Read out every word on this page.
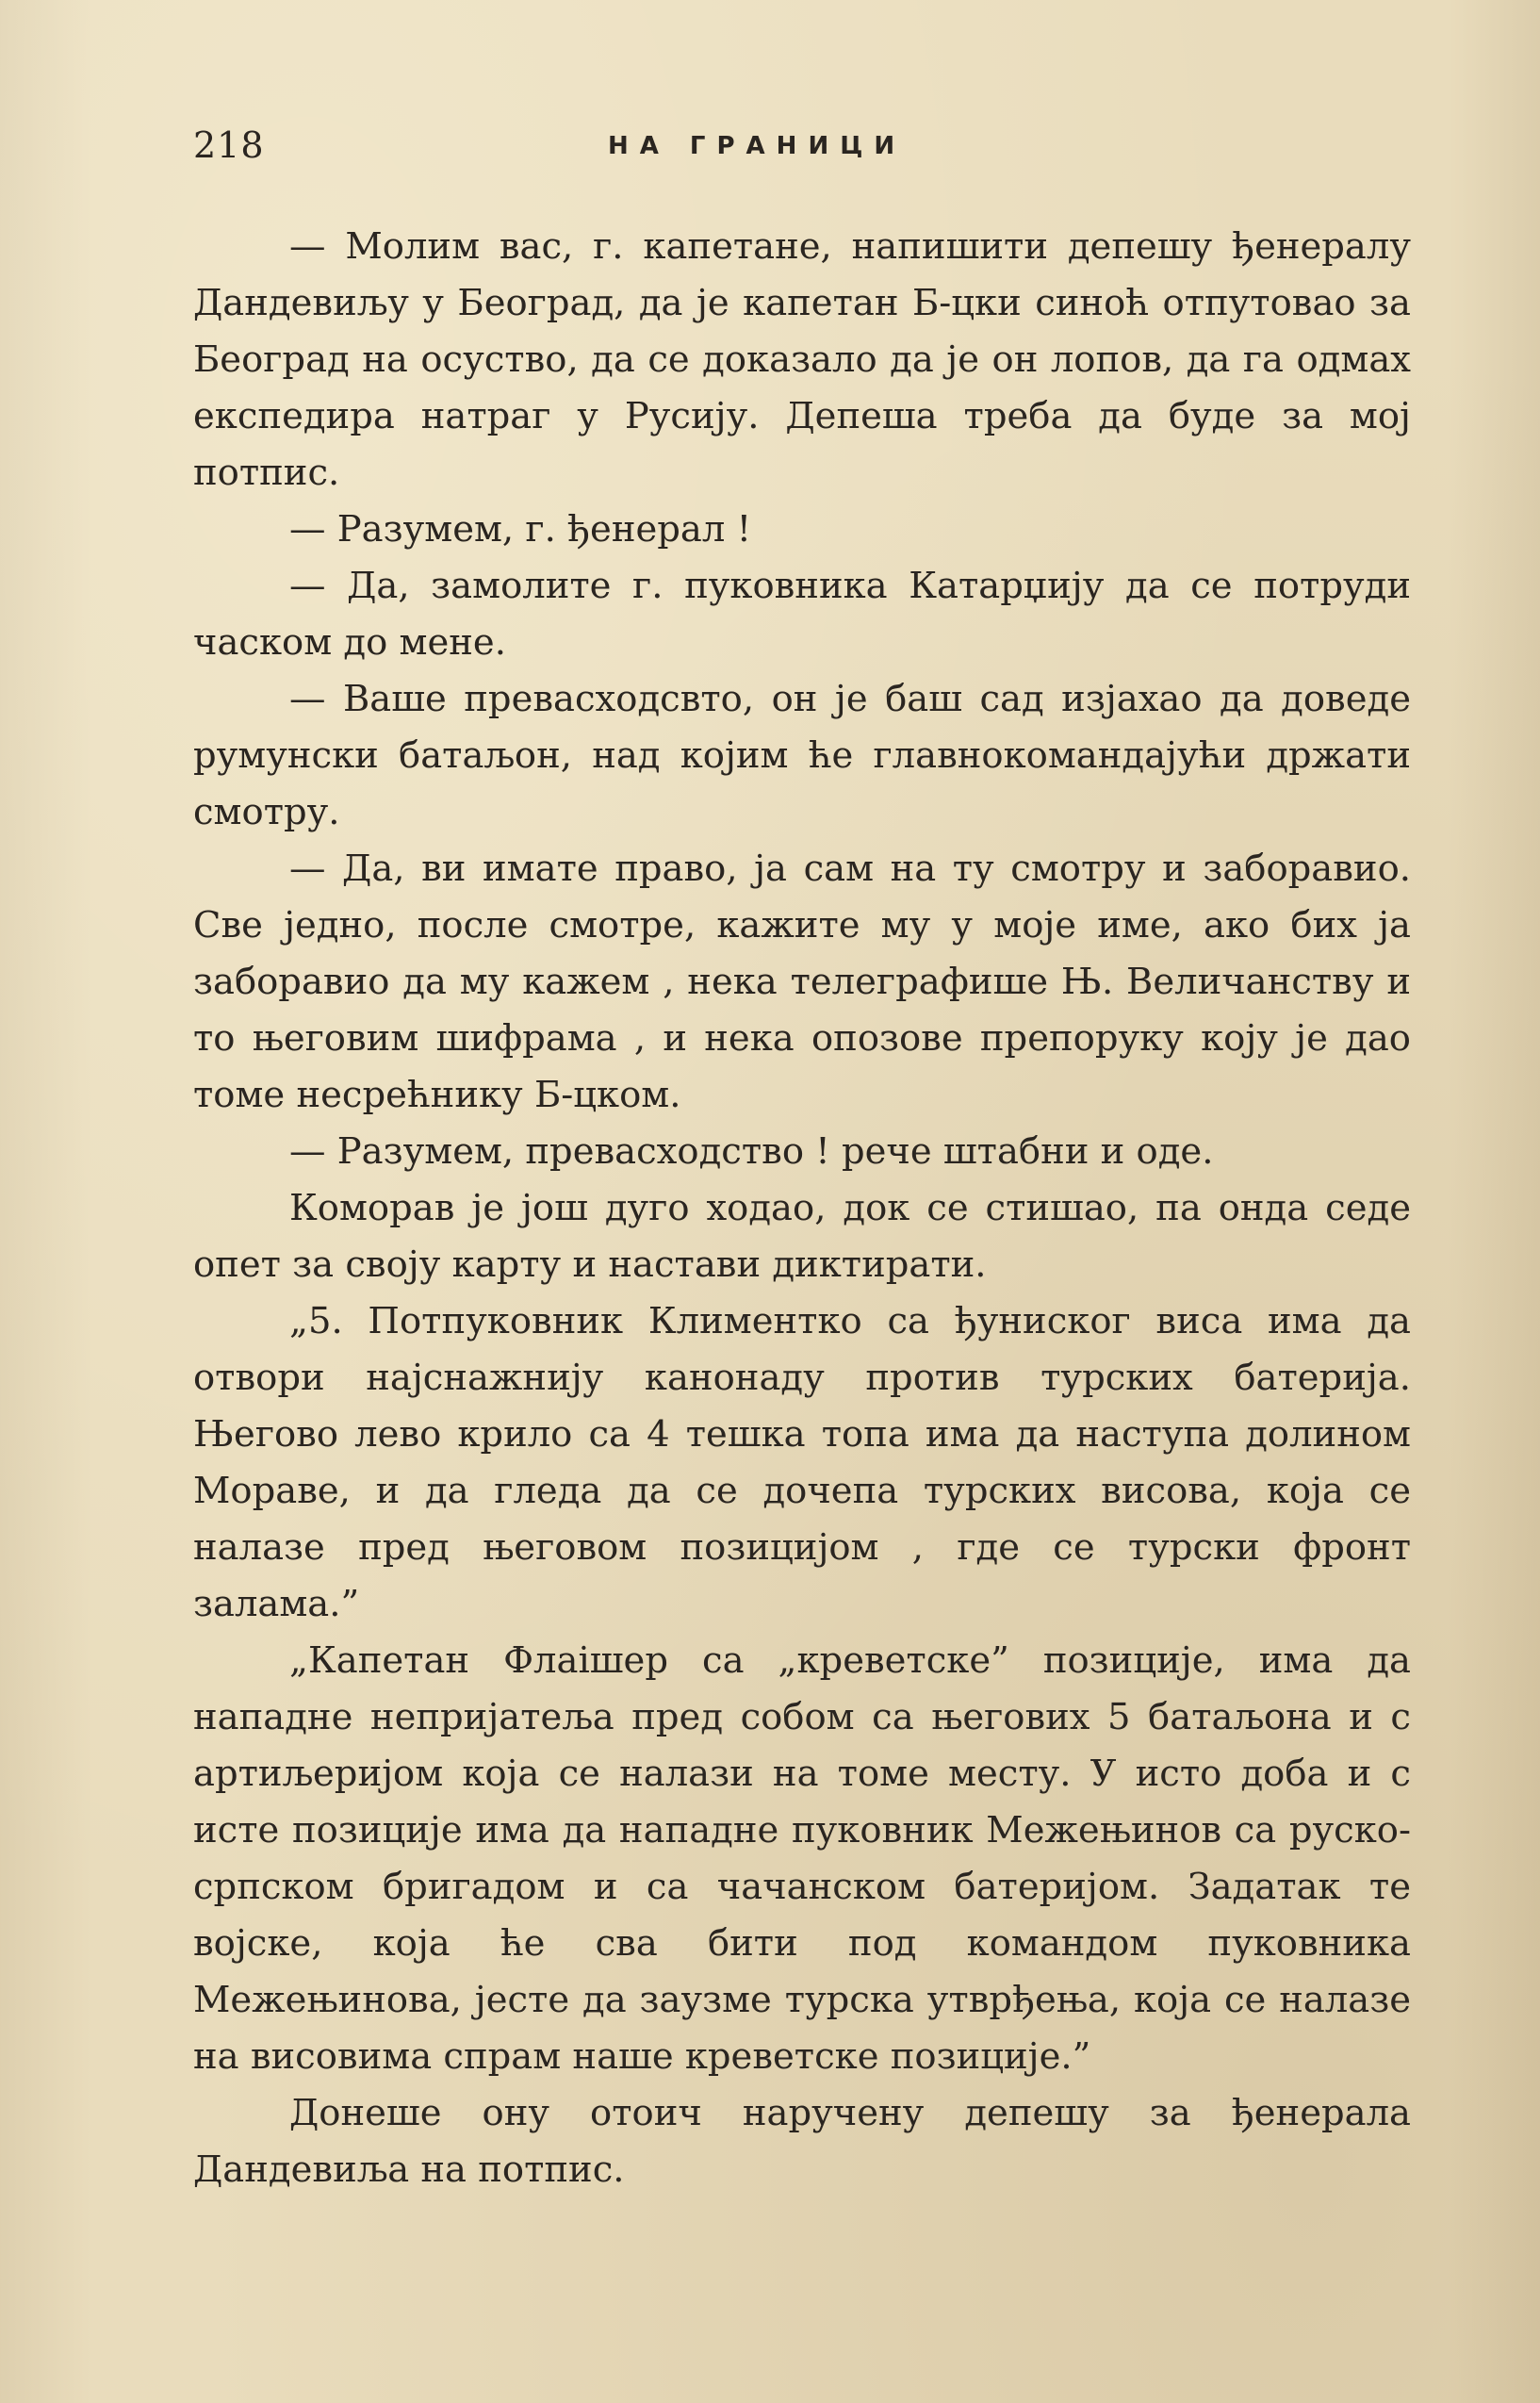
218	НА ГРАНИЦИ

— Молим вас, г. капетане, напишити депешу ђенералу Дандевиљу у Београд, да је капетан Б-цки синоћ отпутовао за Београд на осуство, да се доказало да је он лопов, да га одмах експедира натраг у Русију. Депеша треба да буде за мој потпис.

— Разумем, г. ђенерал !

— Да, замолите г. пуковника Катарџију да се потруди часком до мене.

— Ваше превасходсвто, он је баш сад изјахао да доведе румунски батаљон, над којим ће главнокомандајући држати смотру.

— Да, ви имате право, ја сам на ту смотру и заборавио. Све једно, после смотре, кажите му у моје име, ако бих ја заборавио да му кажем , нека телеграфише Њ. Величанству и то његовим шифрама , и нека опозове препоруку коју је дао томе несрећнику Б-цком.

— Разумем, превасходство ! рече штабни и оде.

Коморав је још дуго ходао, док се стишао, па онда седе опет за своју карту и настави диктирати.

„5. Потпуковник Климентко са ђуниског виса има да отвори најснажнију канонаду против турских батерија. Његово лево крило са 4 тешка топа има да наступа долином Мораве, и да гледа да се дочепа турских висова, која се налазе пред његовом позицијом , где се турски фронт залама.”

„Капетан Флаішер са „креветске” позиције, има да нападне непријатеља пред собом са његових 5 батаљона и с артиљеријом која се налази на томе месту. У исто доба и с исте позиције има да нападне пуковник Межењинов са руско-српском бригадом и са чачанском батеријом. Задатак те војске, која ће сва бити под командом пуковника Межењинова, јесте да заузме турска утврђења, која се налазе на висовима спрам наше креветске позиције.”

Донеше ону отоич наручену депешу за ђенерала Дандевиља на потпис.
